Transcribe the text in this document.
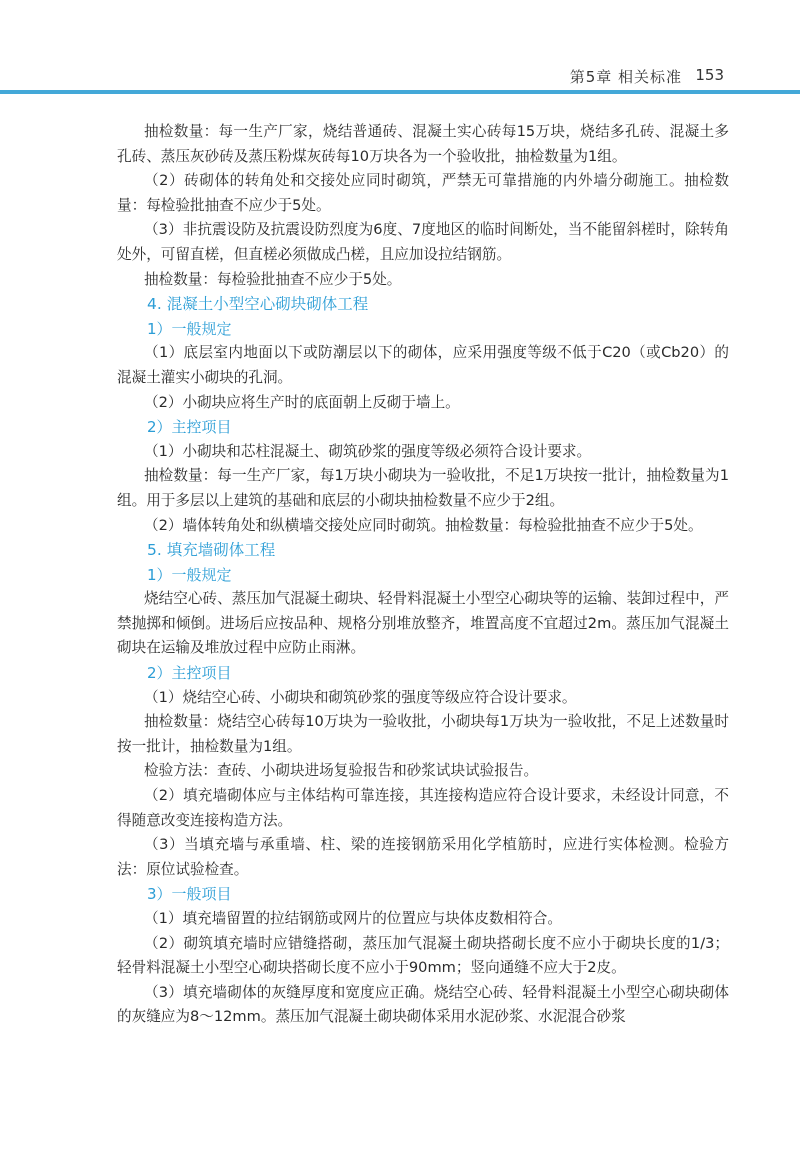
第5章 相关标准 153

抽检数量：每一生产厂家，烧结普通砖、混凝土实心砖每15万块，烧结多孔砖、混凝土多孔砖、蒸压灰砂砖及蒸压粉煤灰砖每10万块各为一个验收批，抽检数量为1组。

（2）砖砌体的转角处和交接处应同时砌筑，严禁无可靠措施的内外墙分砌施工。抽检数量：每检验批抽查不应少于5处。

（3）非抗震设防及抗震设防烈度为6度、7度地区的临时间断处，当不能留斜槎时，除转角处外，可留直槎，但直槎必须做成凸槎，且应加设拉结钢筋。

抽检数量：每检验批抽查不应少于5处。

4. 混凝土小型空心砌块砌体工程
1）一般规定

（1）底层室内地面以下或防潮层以下的砌体，应采用强度等级不低于C20（或Cb20）的混凝土灌实小砌块的孔洞。

（2）小砌块应将生产时的底面朝上反砌于墙上。

2）主控项目

（1）小砌块和芯柱混凝土、砌筑砂浆的强度等级必须符合设计要求。

抽检数量：每一生产厂家，每1万块小砌块为一验收批，不足1万块按一批计，抽检数量为1组。用于多层以上建筑的基础和底层的小砌块抽检数量不应少于2组。

（2）墙体转角处和纵横墙交接处应同时砌筑。抽检数量：每检验批抽查不应少于5处。

5. 填充墙砌体工程
1）一般规定

烧结空心砖、蒸压加气混凝土砌块、轻骨料混凝土小型空心砌块等的运输、装卸过程中，严禁抛掷和倾倒。进场后应按品种、规格分别堆放整齐，堆置高度不宜超过2m。蒸压加气混凝土砌块在运输及堆放过程中应防止雨淋。

2）主控项目

（1）烧结空心砖、小砌块和砌筑砂浆的强度等级应符合设计要求。

抽检数量：烧结空心砖每10万块为一验收批，小砌块每1万块为一验收批，不足上述数量时按一批计，抽检数量为1组。

检验方法：查砖、小砌块进场复验报告和砂浆试块试验报告。

（2）填充墙砌体应与主体结构可靠连接，其连接构造应符合设计要求，未经设计同意，不得随意改变连接构造方法。

（3）当填充墙与承重墙、柱、梁的连接钢筋采用化学植筋时，应进行实体检测。检验方法：原位试验检查。

3）一般项目

（1）填充墙留置的拉结钢筋或网片的位置应与块体皮数相符合。

（2）砌筑填充墙时应错缝搭砌，蒸压加气混凝土砌块搭砌长度不应小于砌块长度的1/3；轻骨料混凝土小型空心砌块搭砌长度不应小于90mm；竖向通缝不应大于2皮。

（3）填充墙砌体的灰缝厚度和宽度应正确。烧结空心砖、轻骨料混凝土小型空心砌块砌体的灰缝应为8～12mm。蒸压加气混凝土砌块砌体采用水泥砂浆、水泥混合砂浆
